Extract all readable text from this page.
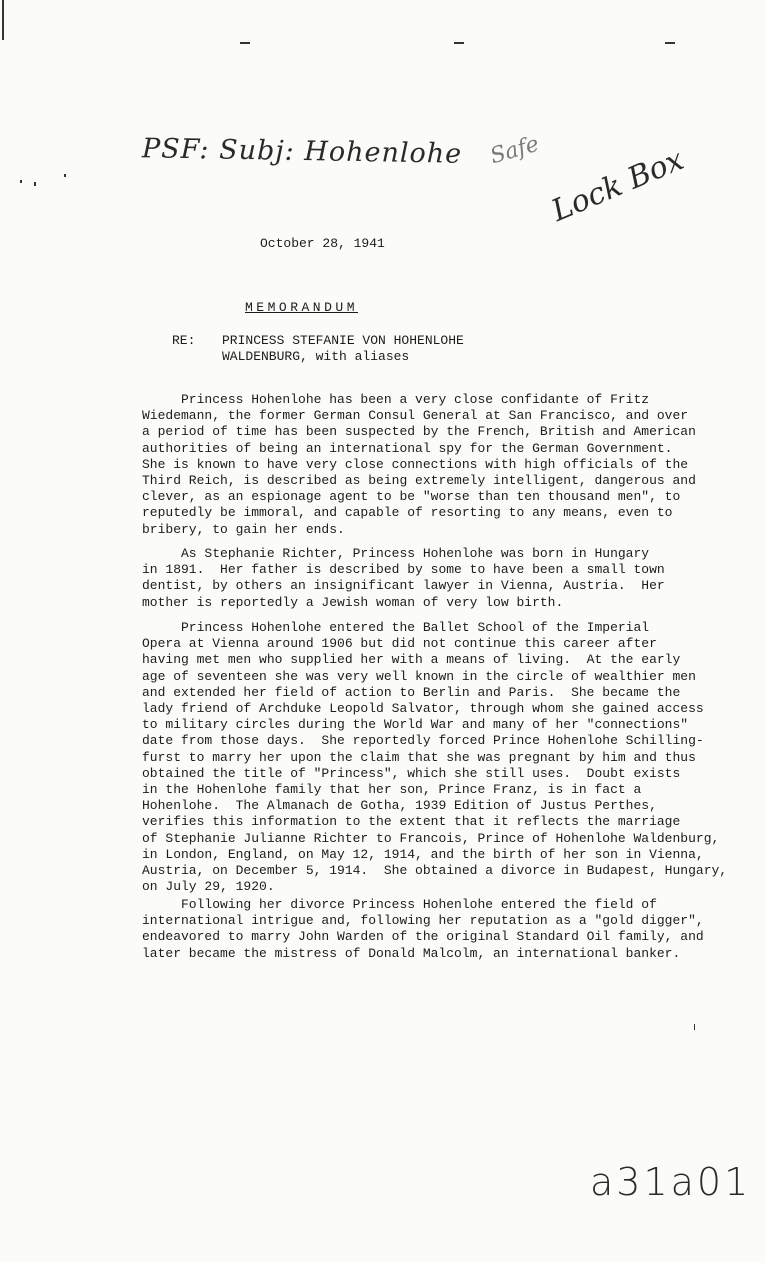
PSF: Subj: Hohenlohe Safe Lock Box
October 28, 1941
MEMORANDUM
RE: PRINCESS STEFANIE VON HOHENLOHE
WALDENBURG, with aliases
Princess Hohenlohe has been a very close confidante of Fritz
Wiedemann, the former German Consul General at San Francisco, and over
a period of time has been suspected by the French, British and American
authorities of being an international spy for the German Government.
She is known to have very close connections with high officials of the
Third Reich, is described as being extremely intelligent, dangerous and
clever, as an espionage agent to be "worse than ten thousand men", to
reputedly be immoral, and capable of resorting to any means, even to
bribery, to gain her ends.
As Stephanie Richter, Princess Hohenlohe was born in Hungary
in 1891.  Her father is described by some to have been a small town
dentist, by others an insignificant lawyer in Vienna, Austria.  Her
mother is reportedly a Jewish woman of very low birth.
Princess Hohenlohe entered the Ballet School of the Imperial
Opera at Vienna around 1906 but did not continue this career after
having met men who supplied her with a means of living.  At the early
age of seventeen she was very well known in the circle of wealthier men
and extended her field of action to Berlin and Paris.  She became the
lady friend of Archduke Leopold Salvator, through whom she gained access
to military circles during the World War and many of her "connections"
date from those days.  She reportedly forced Prince Hohenlohe Schilling-
furst to marry her upon the claim that she was pregnant by him and thus
obtained the title of "Princess", which she still uses.  Doubt exists
in the Hohenlohe family that her son, Prince Franz, is in fact a
Hohenlohe.  The Almanach de Gotha, 1939 Edition of Justus Perthes,
verifies this information to the extent that it reflects the marriage
of Stephanie Julianne Richter to Francois, Prince of Hohenlohe Waldenburg,
in London, England, on May 12, 1914, and the birth of her son in Vienna,
Austria, on December 5, 1914.  She obtained a divorce in Budapest, Hungary,
on July 29, 1920.
Following her divorce Princess Hohenlohe entered the field of
international intrigue and, following her reputation as a "gold digger",
endeavored to marry John Warden of the original Standard Oil family, and
later became the mistress of Donald Malcolm, an international banker.
a31a01
